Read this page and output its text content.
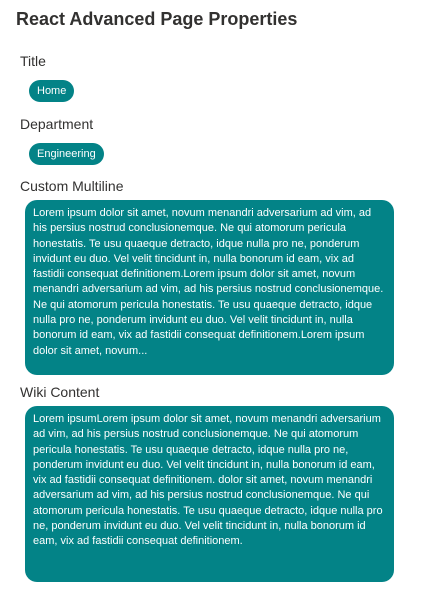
React Advanced Page Properties
Title
Home
Department
Engineering
Custom Multiline

Lorem ipsum dolor sit amet, novum menandri adversarium ad vim, ad his persius nostrud conclusionemque. Ne qui atomorum pericula honestatis. Te usu quaeque detracto, idque nulla pro ne, ponderum invidunt eu duo. Vel velit tincidunt in, nulla bonorum id eam, vix ad fastidii consequat definitionem.Lorem ipsum dolor sit amet, novum menandri adversarium ad vim, ad his persius nostrud conclusionemque. Ne qui atomorum pericula honestatis. Te usu quaeque detracto, idque nulla pro ne, ponderum invidunt eu duo. Vel velit tincidunt in, nulla bonorum id eam, vix ad fastidii consequat definitionem.Lorem ipsum dolor sit amet, novum...

Wiki Content

Lorem ipsumLorem ipsum dolor sit amet, novum menandri adversarium ad vim, ad his persius nostrud conclusionemque. Ne qui atomorum pericula honestatis. Te usu quaeque detracto, idque nulla pro ne, ponderum invidunt eu duo. Vel velit tincidunt in, nulla bonorum id eam, vix ad fastidii consequat definitionem. dolor sit amet, novum menandri adversarium ad vim, ad his persius nostrud conclusionemque. Ne qui atomorum pericula honestatis. Te usu quaeque detracto, idque nulla pro ne, ponderum invidunt eu duo. Vel velit tincidunt in, nulla bonorum id eam, vix ad fastidii consequat definitionem.
